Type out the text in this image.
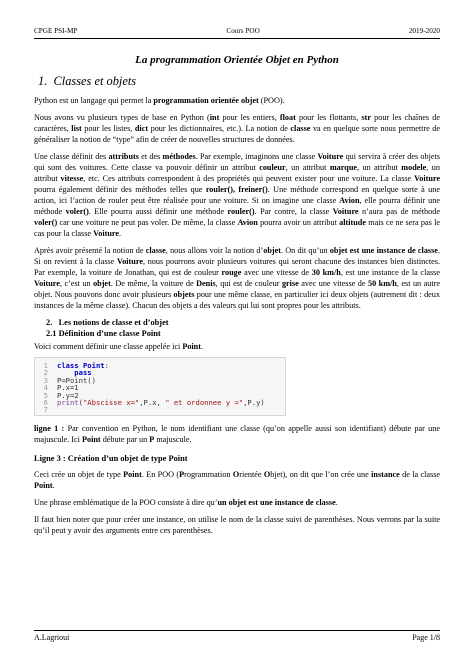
CPGE PSI-MP	Cours POO	2019-2020
La programmation Orientée Objet en Python
1. Classes et objets

Python est un langage qui permet la programmation orientée objet (POO).

Nous avons vu plusieurs types de base en Python (int pour les entiers, float pour les flottants, str pour les chaînes de caractères, list pour les listes, dict pour les dictionnaires, etc.). La notion de classe va en quelque sorte nous permettre de généraliser la notion de “type” afin de créer de nouvelles structures de données.

Une classe définit des attributs et des méthodes. Par exemple, imaginons une classe Voiture qui servira à créer des objets qui sont des voitures. Cette classe va pouvoir définir un attribut couleur, un attribut marque, un attribut modele, un attribut vitesse, etc. Ces attributs correspondent à des propriétés qui peuvent exister pour une voiture. La classe Voiture pourra également définir des méthodes telles que rouler(), freiner(). Une méthode correspond en quelque sorte à une action, ici l’action de rouler peut être réalisée pour une voiture. Si on imagine une classe Avion, elle pourra définir une méthode voler(). Elle pourra aussi définir une méthode rouler(). Par contre, la classe Voiture n’aura pas de méthode voler() car une voiture ne peut pas voler. De même, la classe Avion pourra avoir un attribut altitude mais ce ne sera pas le cas pour la classe Voiture.

Après avoir présenté la notion de classe, nous allons voir la notion d’objet. On dit qu’un objet est une instance de classe. Si on revient à la classe Voiture, nous pourrons avoir plusieurs voitures qui seront chacune des instances bien distinctes. Par exemple, la voiture de Jonathan, qui est de couleur rouge avec une vitesse de 30 km/h, est une instance de la classe Voiture, c’est un objet. De même, la voiture de Denis, qui est de couleur grise avec une vitesse de 50 km/h, est un autre objet. Nous pouvons donc avoir plusieurs objets pour une même classe, en particulier ici deux objets (autrement dit : deux instances de la même classe). Chacun des objets a des valeurs qui lui sont propres pour les attributs.

2. Les notions de classe et d’objet
2.1 Définition d’une classe Point

Voici comment définir une classe appelée ici Point.

1 class Point:
2 pass
3 P=Point()
4 P.x=1
5 P.y=2
6 print("Abscisse x=",P.x, " et ordonnee y =",P.y)
7

ligne 1 : Par convention en Python, le nom identifiant une classe (qu’on appelle aussi son identifiant) débute par une majuscule. Ici Point débute par un P majuscule.

Ligne 3 : Création d’un objet de type Point

Ceci crée un objet de type Point. En POO (Programmation Orientée Objet), on dit que l’on crée une instance de la classe Point.

Une phrase emblématique de la POO consiste à dire qu’un objet est une instance de classe.

Il faut bien noter que pour créer une instance, on utilise le nom de la classe suivi de parenthèses. Nous verrons par la suite qu’il peut y avoir des arguments entre ces parenthèses.

A.Lagrioui	Page 1/8
